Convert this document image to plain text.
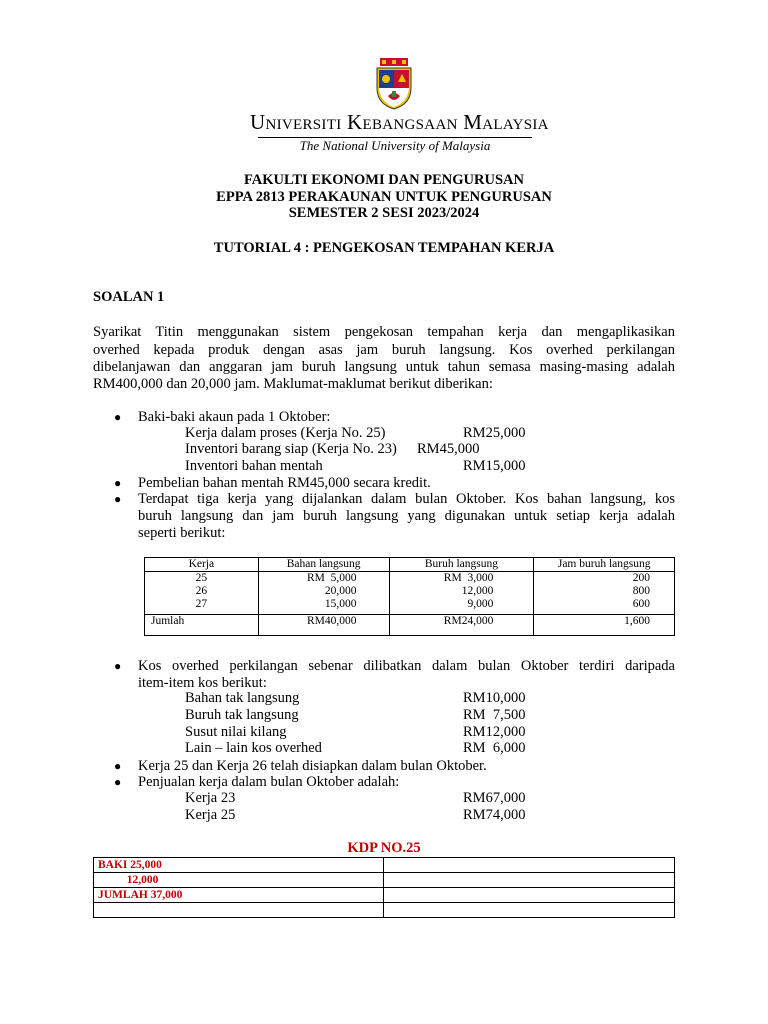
Universiti Kebangsaan Malaysia
The National University of Malaysia
FAKULTI EKONOMI DAN PENGURUSAN
EPPA 2813 PERAKAUNAN UNTUK PENGURUSAN
SEMESTER 2 SESI 2023/2024
TUTORIAL 4 : PENGEKOSAN TEMPAHAN KERJA
SOALAN 1
Syarikat Titin menggunakan sistem pengekosan tempahan kerja dan mengaplikasikan
overhed kepada produk dengan asas jam buruh langsung. Kos overhed perkilangan
dibelanjawan dan anggaran jam buruh langsung untuk tahun semasa masing-masing adalah
RM400,000 dan 20,000 jam. Maklumat-maklumat berikut diberikan:
● Baki-baki akaun pada 1 Oktober:
Kerja dalam proses (Kerja No. 25)	RM25,000
Inventori barang siap (Kerja No. 23) RM45,000
Inventori bahan mentah	RM15,000
● Pembelian bahan mentah RM45,000 secara kredit.
● Terdapat tiga kerja yang dijalankan dalam bulan Oktober. Kos bahan langsung, kos
buruh langsung dan jam buruh langsung yang digunakan untuk setiap kerja adalah
seperti berikut:
Kerja	Bahan langsung	Buruh langsung	Jam buruh langsung
25	RM  5,000	RM  3,000	200
26	20,000	12,000	800
27	15,000	9,000	600
Jumlah	RM40,000	RM24,000	1,600
● Kos overhed perkilangan sebenar dilibatkan dalam bulan Oktober terdiri daripada
item-item kos berikut:
Bahan tak langsung	RM10,000
Buruh tak langsung	RM  7,500
Susut nilai kilang	RM12,000
Lain – lain kos overhed	RM  6,000
● Kerja 25 dan Kerja 26 telah disiapkan dalam bulan Oktober.
● Penjualan kerja dalam bulan Oktober adalah:
Kerja 23	RM67,000
Kerja 25	RM74,000
KDP NO.25
BAKI 25,000	
12,000	
JUMLAH 37,000	
